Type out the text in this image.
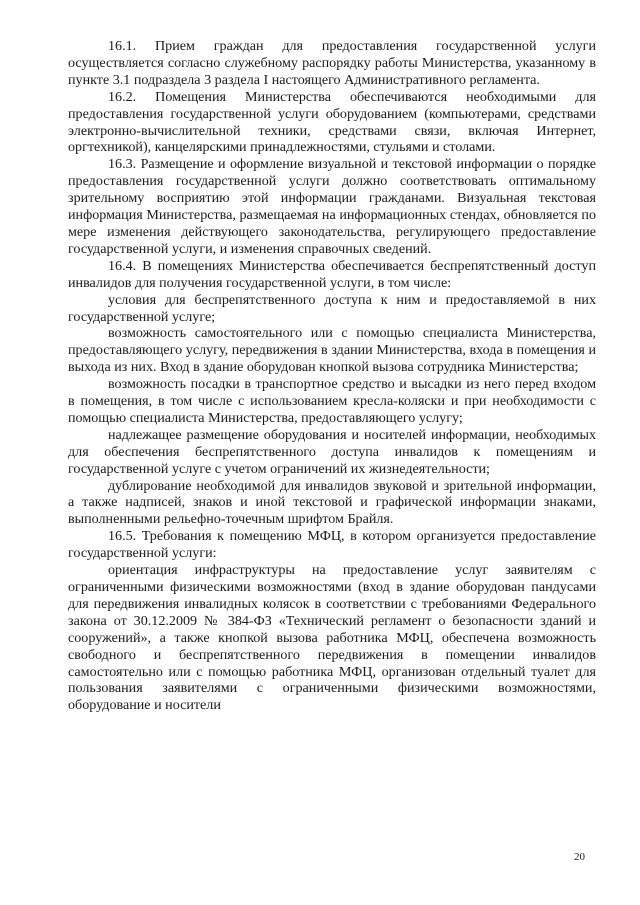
16.1. Прием граждан для предоставления государственной услуги осуществляется согласно служебному распорядку работы Министерства, указанному в пункте 3.1 подраздела 3 раздела I настоящего Административного регламента.

16.2. Помещения Министерства обеспечиваются необходимыми для предоставления государственной услуги оборудованием (компьютерами, средствами электронно-вычислительной техники, средствами связи, включая Интернет, оргтехникой), канцелярскими принадлежностями, стульями и столами.

16.3. Размещение и оформление визуальной и текстовой информации о порядке предоставления государственной услуги должно соответствовать оптимальному зрительному восприятию этой информации гражданами. Визуальная текстовая информация Министерства, размещаемая на информационных стендах, обновляется по мере изменения действующего законодательства, регулирующего предоставление государственной услуги, и изменения справочных сведений.

16.4. В помещениях Министерства обеспечивается беспрепятственный доступ инвалидов для получения государственной услуги, в том числе:

условия для беспрепятственного доступа к ним и предоставляемой в них государственной услуге;

возможность самостоятельного или с помощью специалиста Министерства, предоставляющего услугу, передвижения в здании Министерства, входа в помещения и выхода из них. Вход в здание оборудован кнопкой вызова сотрудника Министерства;

возможность посадки в транспортное средство и высадки из него перед входом в помещения, в том числе с использованием кресла-коляски и при необходимости с помощью специалиста Министерства, предоставляющего услугу;

надлежащее размещение оборудования и носителей информации, необходимых для обеспечения беспрепятственного доступа инвалидов к помещениям и государственной услуге с учетом ограничений их жизнедеятельности;

дублирование необходимой для инвалидов звуковой и зрительной информации, а также надписей, знаков и иной текстовой и графической информации знаками, выполненными рельефно-точечным шрифтом Брайля.

16.5. Требования к помещению МФЦ, в котором организуется предоставление государственной услуги:

ориентация инфраструктуры на предоставление услуг заявителям с ограниченными физическими возможностями (вход в здание оборудован пандусами для передвижения инвалидных колясок в соответствии с требованиями Федерального закона от 30.12.2009 № 384-ФЗ «Технический регламент о безопасности зданий и сооружений», а также кнопкой вызова работника МФЦ, обеспечена возможность свободного и беспрепятственного передвижения в помещении инвалидов самостоятельно или с помощью работника МФЦ, организован отдельный туалет для пользования заявителями с ограниченными физическими возможностями, оборудование и носители

20
